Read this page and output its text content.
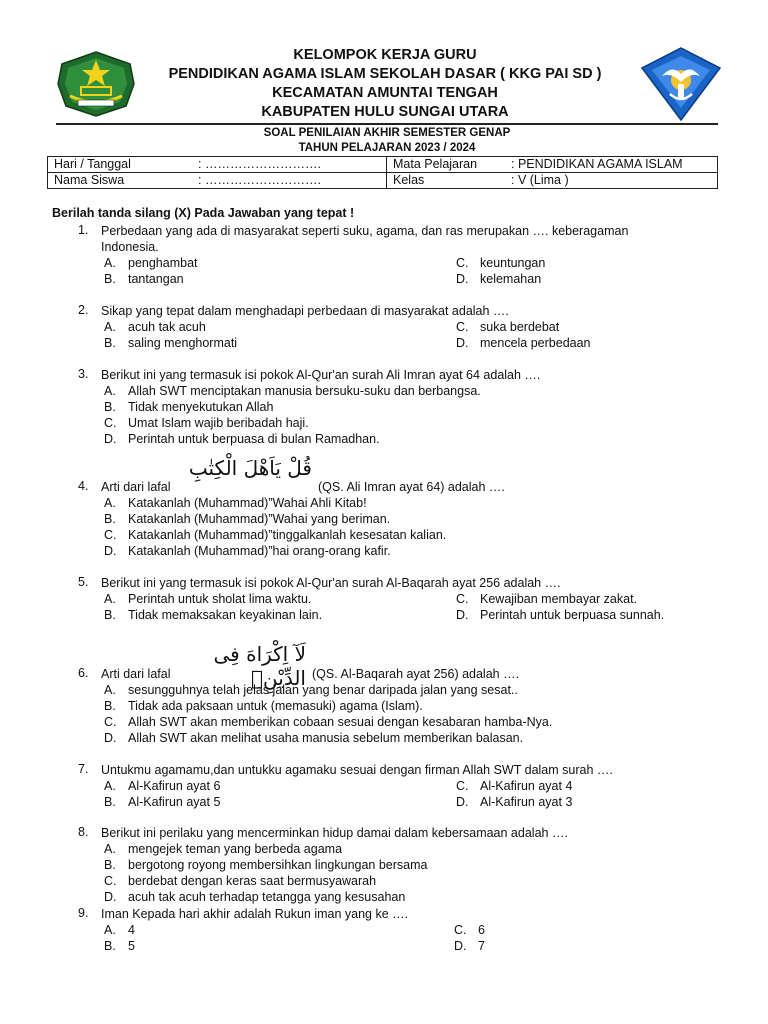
KELOMPOK KERJA GURU
PENDIDIKAN AGAMA ISLAM SEKOLAH DASAR ( KKG PAI SD )
KECAMATAN AMUNTAI TENGAH
KABUPATEN HULU SUNGAI UTARA
SOAL PENILAIAN AKHIR SEMESTER GENAP
TAHUN PELAJARAN 2023 / 2024
Hari / Tanggal : ……………………….	Mata Pelajaran : PENDIDIKAN AGAMA ISLAM

Nama Siswa : ……………………….	Kelas : V (Lima )
Berilah tanda silang (X) Pada Jawaban yang tepat !
1. Perbedaan yang ada di masyarakat seperti suku, agama, dan ras merupakan …. keberagaman
Indonesia.
A. penghambat
B. tantangan
C. keuntungan
D. kelemahan
2. Sikap yang tepat dalam menghadapi perbedaan di masyarakat adalah ….
A. acuh tak acuh
B. saling menghormati
C. suka berdebat
D. mencela perbedaan
3. Berikut ini yang termasuk isi pokok Al-Qur'an surah Ali Imran ayat 64 adalah ….
A. Allah SWT menciptakan manusia bersuku-suku dan berbangsa.
B. Tidak menyekutukan Allah
C. Umat Islam wajib beribadah haji.
D. Perintah untuk berpuasa di bulan Ramadhan.
4. Arti dari lafal
قُلْ يَاَهْلَ الْكِتٰبِ
(QS. Ali Imran ayat 64) adalah ….
A. Katakanlah (Muhammad)”Wahai Ahli Kitab!
B. Katakanlah (Muhammad)”Wahai yang beriman.
C. Katakanlah (Muhammad)”tinggalkanlah kesesatan kalian.
D. Katakanlah (Muhammad)”hai orang-orang kafir.
5. Berikut ini yang termasuk isi pokok Al-Qur'an surah Al-Baqarah ayat 256 adalah ….
A. Perintah untuk sholat lima waktu.
B. Tidak memaksakan keyakinan lain.
C. Kewajiban membayar zakat.
D. Perintah untuk berpuasa sunnah.
6. Arti dari lafal
لَآ اِكْرَاهَ فِى الدِّيْنِۗ (QS. Al-Baqarah ayat 256) adalah ….
A. sesungguhnya telah jelas jalan yang benar daripada jalan yang sesat..
B. Tidak ada paksaan untuk (memasuki) agama (Islam).
C. Allah SWT akan memberikan cobaan sesuai dengan kesabaran hamba-Nya.
D. Allah SWT akan melihat usaha manusia sebelum memberikan balasan.
7. Untukmu agamamu,dan untukku agamaku sesuai dengan firman Allah SWT dalam surah ….
A. Al-Kafirun ayat 6
B. Al-Kafirun ayat 5
C. Al-Kafirun ayat 4
D. Al-Kafirun ayat 3
8. Berikut ini perilaku yang mencerminkan hidup damai dalam kebersamaan adalah ….
A. mengejek teman yang berbeda agama
B. bergotong royong membersihkan lingkungan bersama
C. berdebat dengan keras saat bermusyawarah
D. acuh tak acuh terhadap tetangga yang kesusahan
9. Iman Kepada hari akhir adalah Rukun iman yang ke ….
A. 4
B. 5
C. 6
D. 7
